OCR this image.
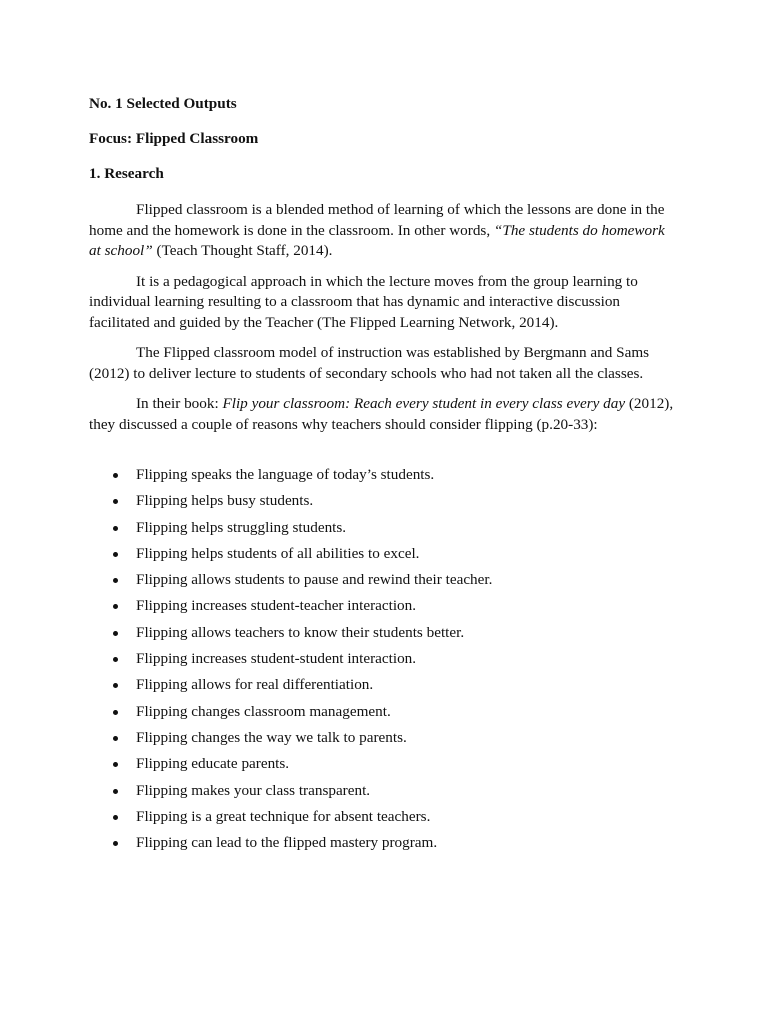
No. 1 Selected Outputs

Focus: Flipped Classroom

1. Research

Flipped classroom is a blended method of learning of which the lessons are done in the home and the homework is done in the classroom. In other words, “The students do homework at school” (Teach Thought Staff, 2014).

It is a pedagogical approach in which the lecture moves from the group learning to individual learning resulting to a classroom that has dynamic and interactive discussion facilitated and guided by the Teacher (The Flipped Learning Network, 2014).

The Flipped classroom model of instruction was established by Bergmann and Sams (2012) to deliver lecture to students of secondary schools who had not taken all the classes.

In their book: Flip your classroom: Reach every student in every class every day (2012), they discussed a couple of reasons why teachers should consider flipping (p.20-33):

Flipping speaks the language of today’s students.
Flipping helps busy students.
Flipping helps struggling students.
Flipping helps students of all abilities to excel.
Flipping allows students to pause and rewind their teacher.
Flipping increases student-teacher interaction.
Flipping allows teachers to know their students better.
Flipping increases student-student interaction.
Flipping allows for real differentiation.
Flipping changes classroom management.
Flipping changes the way we talk to parents.
Flipping educate parents.
Flipping makes your class transparent.
Flipping is a great technique for absent teachers.
Flipping can lead to the flipped mastery program.
